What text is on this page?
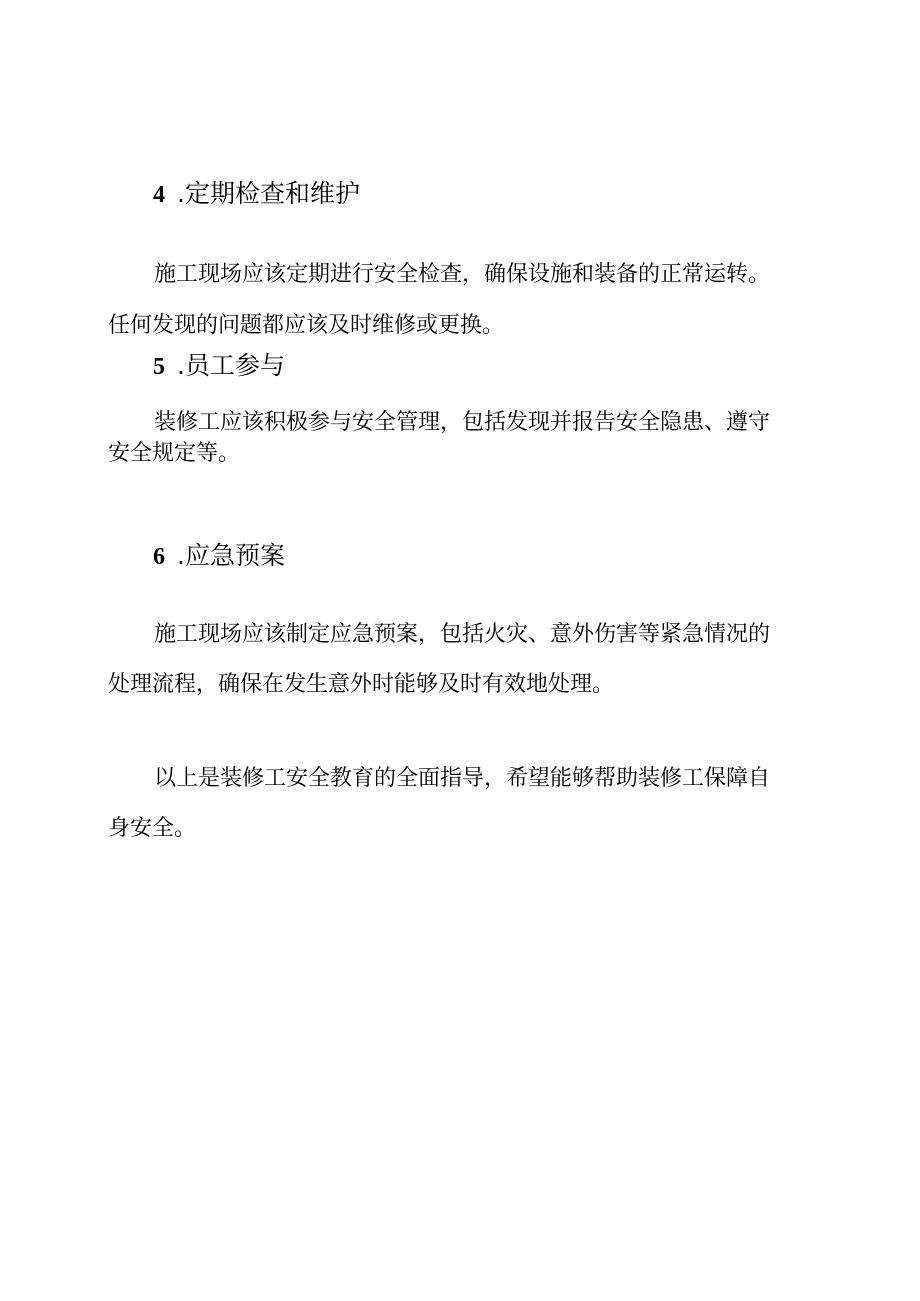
4 .定期检查和维护
施工现场应该定期进行安全检查，确保设施和装备的正常运转。
任何发现的问题都应该及时维修或更换。
5 .员工参与
装修工应该积极参与安全管理，包括发现并报告安全隐患、遵守
安全规定等。
6 .应急预案
施工现场应该制定应急预案，包括火灾、意外伤害等紧急情况的
处理流程，确保在发生意外时能够及时有效地处理。
以上是装修工安全教育的全面指导，希望能够帮助装修工保障自
身安全。
